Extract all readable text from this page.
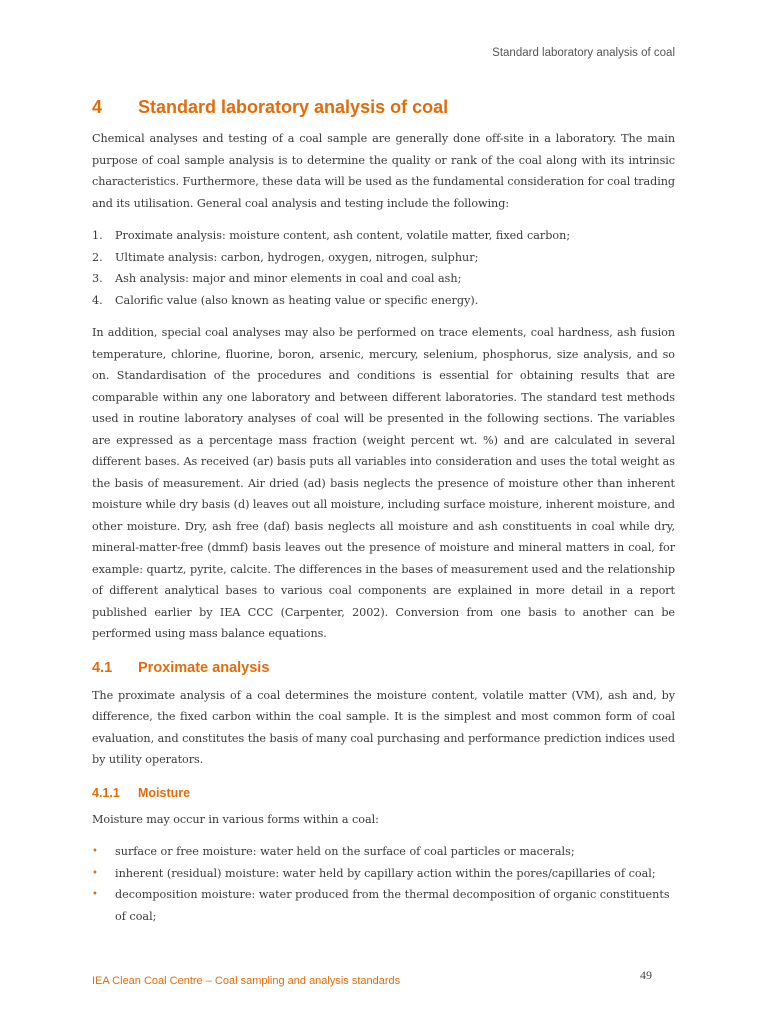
Standard laboratory analysis of coal
4	Standard laboratory analysis of coal

Chemical analyses and testing of a coal sample are generally done off-site in a laboratory. The main purpose of coal sample analysis is to determine the quality or rank of the coal along with its intrinsic characteristics. Furthermore, these data will be used as the fundamental consideration for coal trading and its utilisation. General coal analysis and testing include the following:

1.	Proximate analysis: moisture content, ash content, volatile matter, fixed carbon;
2.	Ultimate analysis: carbon, hydrogen, oxygen, nitrogen, sulphur;
3.	Ash analysis: major and minor elements in coal and coal ash;
4.	Calorific value (also known as heating value or specific energy).

In addition, special coal analyses may also be performed on trace elements, coal hardness, ash fusion temperature, chlorine, fluorine, boron, arsenic, mercury, selenium, phosphorus, size analysis, and so on. Standardisation of the procedures and conditions is essential for obtaining results that are comparable within any one laboratory and between different laboratories. The standard test methods used in routine laboratory analyses of coal will be presented in the following sections. The variables are expressed as a percentage mass fraction (weight percent wt. %) and are calculated in several different bases. As received (ar) basis puts all variables into consideration and uses the total weight as the basis of measurement. Air dried (ad) basis neglects the presence of moisture other than inherent moisture while dry basis (d) leaves out all moisture, including surface moisture, inherent moisture, and other moisture. Dry, ash free (daf) basis neglects all moisture and ash constituents in coal while dry, mineral-matter-free (dmmf) basis leaves out the presence of moisture and mineral matters in coal, for example: quartz, pyrite, calcite. The differences in the bases of measurement used and the relationship of different analytical bases to various coal components are explained in more detail in a report published earlier by IEA CCC (Carpenter, 2002). Conversion from one basis to another can be performed using mass balance equations.

4.1	Proximate analysis

The proximate analysis of a coal determines the moisture content, volatile matter (VM), ash and, by difference, the fixed carbon within the coal sample. It is the simplest and most common form of coal evaluation, and constitutes the basis of many coal purchasing and performance prediction indices used by utility operators.

4.1.1	Moisture

Moisture may occur in various forms within a coal:

•	surface or free moisture: water held on the surface of coal particles or macerals;
•	inherent (residual) moisture: water held by capillary action within the pores/capillaries of coal;
•	decomposition moisture: water produced from the thermal decomposition of organic constituents of coal;
49
IEA Clean Coal Centre – Coal sampling and analysis standards
